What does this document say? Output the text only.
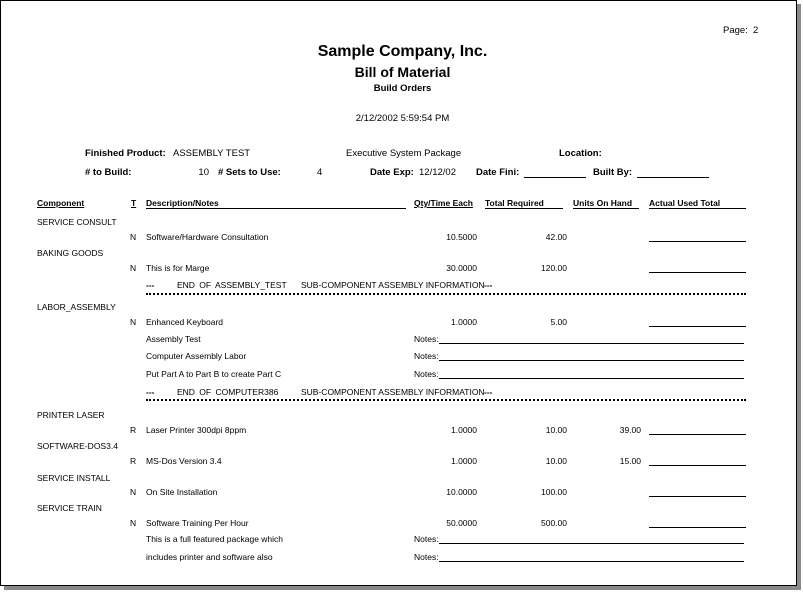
Page: 2
Sample Company, Inc.
Bill of Material
Build Orders
2/12/2002 5:59:54 PM
Finished Product: ASSEMBLY TEST	Executive System Package	Location:
# to Build:	10 # Sets to Use:	4	Date Exp: 12/12/02 Date Fini:	Built By:
Component	T Description/Notes	Qty/Time Each Total Required	Units On Hand	Actual Used Total
SERVICE CONSULT
N Software/Hardware Consultation	10.5000	42.00
BAKING GOODS
N This is for Marge	30.0000	120.00
---	END OF ASSEMBLY_TEST SUB-COMPONENT ASSEMBLY INFORMATION ---
LABOR_ASSEMBLY
N Enhanced Keyboard	1.0000	5.00
Assembly Test	Notes:
Computer Assembly Labor	Notes:
Put Part A to Part B to create Part C	Notes:
---	END OF COMPUTER386	SUB-COMPONENT ASSEMBLY INFORMATION ---
PRINTER LASER
R Laser Printer 300dpi 8ppm	1.0000	10.00	39.00
SOFTWARE-DOS3.4
R MS-Dos Version 3.4	1.0000	10.00	15.00
SERVICE INSTALL
N On Site Installation	10.0000	100.00
SERVICE TRAIN
N Software Training Per Hour	50.0000	500.00
This is a full featured package which	Notes:
includes printer and software also	Notes:
